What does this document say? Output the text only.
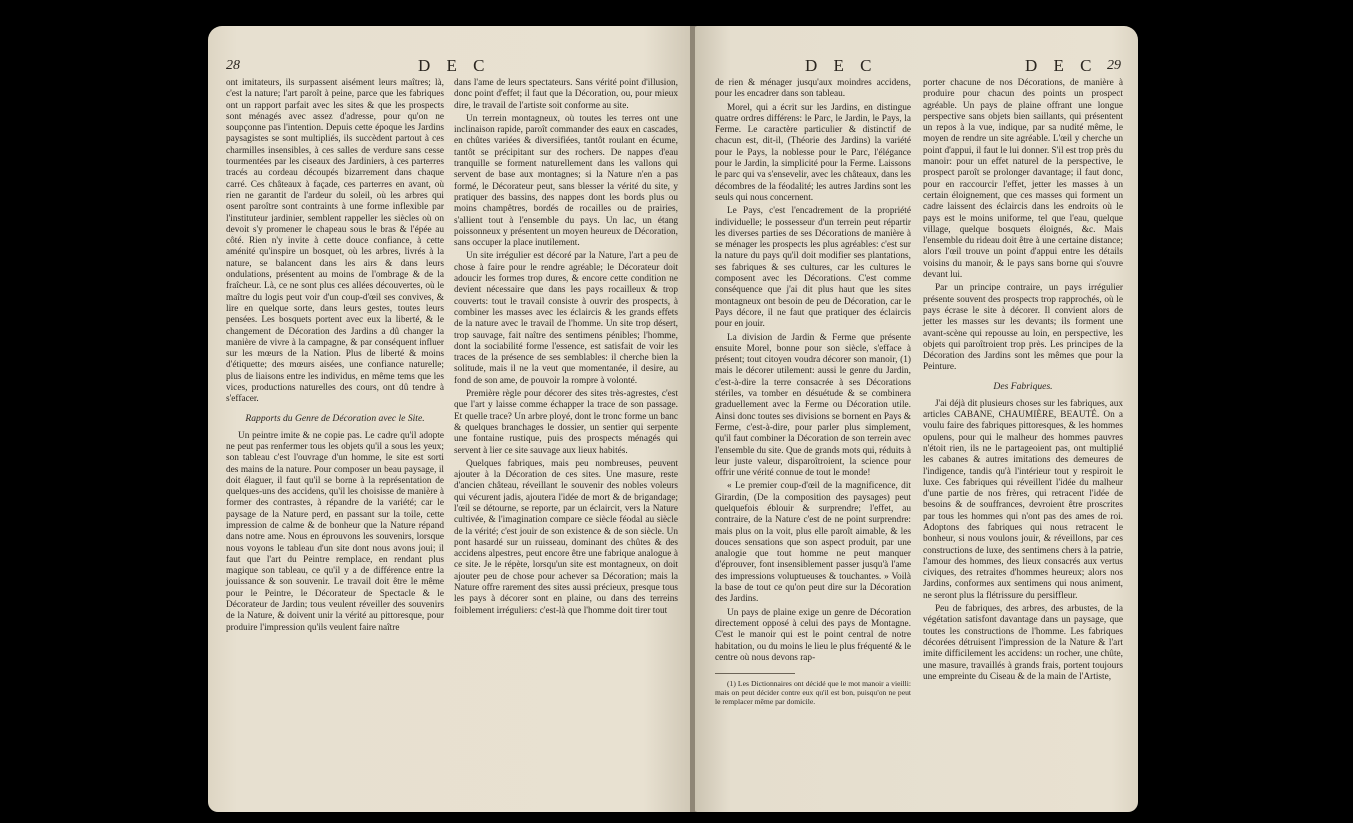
28	D E C

ont imitateurs, ils surpassent aisément leurs maîtres; là, c'est la nature; l'art paroît à peine, parce que les fabriques ont un rapport parfait avec les sites & que les prospects sont ménagés avec assez d'adresse, pour qu'on ne soupçonne pas l'intention. Depuis cette époque les Jardins paysagistes se sont multipliés, ils succèdent partout à ces charmilles insensibles, à ces salles de verdure sans cesse tourmentées par les ciseaux des Jardiniers, à ces parterres tracés au cordeau découpés bizarrement dans chaque carré. Ces châteaux à façade, ces parterres en avant, où rien ne garantit de l'ardeur du soleil, où les arbres qui osent paroître sont contraints à une forme inflexible par l'instituteur jardinier, semblent rappeller les siècles où on devoit s'y promener le chapeau sous le bras & l'épée au côté. Rien n'y invite à cette douce confiance, à cette aménité qu'inspire un bosquet, où les arbres, livrés à la nature, se balancent dans les airs & dans leurs ondulations, présentent au moins de l'ombrage & de la fraîcheur. Là, ce ne sont plus ces allées découvertes, où le maître du logis peut voir d'un coup-d'œil ses convives, & lire en quelque sorte, dans leurs gestes, toutes leurs pensées. Les bosquets portent avec eux la liberté, & le changement de Décoration des Jardins a dû changer la manière de vivre à la campagne, & par conséquent influer sur les mœurs de la Nation. Plus de liberté & moins d'étiquette; des mœurs aisées, une confiance naturelle; plus de liaisons entre les individus, en même tems que les vices, productions naturelles des cours, ont dû tendre à s'effacer.

Rapports du Genre de Décoration avec le Site.

Un peintre imite & ne copie pas. Le cadre qu'il adopte ne peut pas renfermer tous les objets qu'il a sous les yeux; son tableau c'est l'ouvrage d'un homme, le site est sorti des mains de la nature. Pour composer un beau paysage, il doit élaguer, il faut qu'il se borne à la représentation de quelques-uns des accidens, qu'il les choisisse de manière à former des contrastes, à répandre de la variété; car le paysage de la Nature perd, en passant sur la toile, cette impression de calme & de bonheur que la Nature répand dans notre ame. Nous en éprouvons les souvenirs, lorsque nous voyons le tableau d'un site dont nous avons joui; il faut que l'art du Peintre remplace, en rendant plus magique son tableau, ce qu'il y a de différence entre la jouissance & son souvenir. Le travail doit être le même pour le Peintre, le Décorateur de Spectacle & le Décorateur de Jardin; tous veulent réveiller des souvenirs de la Nature, & doivent unir la vérité au pittoresque, pour produire l'impression qu'ils veulent faire naître

dans l'ame de leurs spectateurs. Sans vérité point d'illusion, donc point d'effet; il faut que la Décoration, ou, pour mieux dire, le travail de l'artiste soit conforme au site.

Un terrein montagneux, où toutes les terres ont une inclinaison rapide, paroît commander des eaux en cascades, en chûtes variées & diversifiées, tantôt roulant en écume, tantôt se précipitant sur des rochers. De nappes d'eau tranquille se forment naturellement dans les vallons qui servent de base aux montagnes; si la Nature n'en a pas formé, le Décorateur peut, sans blesser la vérité du site, y pratiquer des bassins, des nappes dont les bords plus ou moins champêtres, bordés de rocailles ou de prairies, s'allient tout à l'ensemble du pays. Un lac, un étang poissonneux y présentent un moyen heureux de Décoration, sans occuper la place inutilement.

Un site irrégulier est décoré par la Nature, l'art a peu de chose à faire pour le rendre agréable; le Décorateur doit adoucir les formes trop dures, & encore cette condition ne devient nécessaire que dans les pays rocailleux & trop couverts: tout le travail consiste à ouvrir des prospects, à combiner les masses avec les éclaircis & les grands effets de la nature avec le travail de l'homme. Un site trop désert, trop sauvage, fait naître des sentimens pénibles; l'homme, dont la sociabilité forme l'essence, est satisfait de voir les traces de la présence de ses semblables: il cherche bien la solitude, mais il ne la veut que momentanée, il desire, au fond de son ame, de pouvoir la rompre à volonté.

Première règle pour décorer des sites très-agrestes, c'est que l'art y laisse comme échapper la trace de son passage. Et quelle trace? Un arbre ployé, dont le tronc forme un banc & quelques branchages le dossier, un sentier qui serpente une fontaine rustique, puis des prospects ménagés qui servent à lier ce site sauvage aux lieux habités.

Quelques fabriques, mais peu nombreuses, peuvent ajouter à la Décoration de ces sites. Une masure, reste d'ancien château, réveillant le souvenir des nobles voleurs qui vécurent jadis, ajoutera l'idée de mort & de brigandage; l'œil se détourne, se reporte, par un éclaircit, vers la Nature cultivée, & l'imagination compare ce siècle féodal au siècle de la vérité; c'est jouir de son existence & de son siècle. Un pont hasardé sur un ruisseau, dominant des chûtes & des accidens alpestres, peut encore être une fabrique analogue à ce site. Je le répète, lorsqu'un site est montagneux, on doit ajouter peu de chose pour achever sa Décoration; mais la Nature offre rarement des sites aussi précieux, presque tous les pays à décorer sont en plaine, ou dans des terreins foiblement irréguliers: c'est-là que l'homme doit tirer tout

D E C	D E C 29

de rien & ménager jusqu'aux moindres accidens, pour les encadrer dans son tableau.

Morel, qui a écrit sur les Jardins, en distingue quatre ordres différens: le Parc, le Jardin, le Pays, la Ferme. Le caractère particulier & distinctif de chacun est, dit-il, (Théorie des Jardins) la variété pour le Pays, la noblesse pour le Parc, l'élégance pour le Jardin, la simplicité pour la Ferme. Laissons le parc qui va s'ensevelir, avec les châteaux, dans les décombres de la féodalité; les autres Jardins sont les seuls qui nous concernent.

Le Pays, c'est l'encadrement de la propriété individuelle; le possesseur d'un terrein peut répartir les diverses parties de ses Décorations de manière à se ménager les prospects les plus agréables: c'est sur la nature du pays qu'il doit modifier ses plantations, ses fabriques & ses cultures, car les cultures le composent avec les Décorations. C'est comme conséquence que j'ai dit plus haut que les sites montagneux ont besoin de peu de Décoration, car le Pays décore, il ne faut que pratiquer des éclaircis pour en jouir.

La division de Jardin & Ferme que présente ensuite Morel, bonne pour son siècle, s'efface à présent; tout citoyen voudra décorer son manoir, (1) mais le décorer utilement: aussi le genre du Jardin, c'est-à-dire la terre consacrée à ses Décorations stériles, va tomber en désuétude & se combinera graduellement avec la Ferme ou Décoration utile. Ainsi donc toutes ses divisions se bornent en Pays & Ferme, c'est-à-dire, pour parler plus simplement, qu'il faut combiner la Décoration de son terrein avec l'ensemble du site. Que de grands mots qui, réduits à leur juste valeur, disparoîtroient, la science pour offrir une vérité connue de tout le monde!

« Le premier coup-d'œil de la magnificence, dit Girardin, (De la composition des paysages) peut quelquefois éblouir & surprendre; l'effet, au contraire, de la Nature c'est de ne point surprendre: mais plus on la voit, plus elle paroît aimable, & les douces sensations que son aspect produit, par une analogie que tout homme ne peut manquer d'éprouver, font insensiblement passer jusqu'à l'ame des impressions voluptueuses & touchantes. » Voilà la base de tout ce qu'on peut dire sur la Décoration des Jardins.

Un pays de plaine exige un genre de Décoration directement opposé à celui des pays de Montagne. C'est le manoir qui est le point central de notre habitation, ou du moins le lieu le plus fréquenté & le centre où nous devons rap-

(1) Les Dictionnaires ont décidé que le mot manoir a vieilli: mais on peut décider contre eux qu'il est bon, puisqu'on ne peut le remplacer même par domicile.

porter chacune de nos Décorations, de manière à produire pour chacun des points un prospect agréable. Un pays de plaine offrant une longue perspective sans objets bien saillants, qui présentent un repos à la vue, indique, par sa nudité même, le moyen de rendre un site agréable. L'œil y cherche un point d'appui, il faut le lui donner. S'il est trop près du manoir: pour un effet naturel de la perspective, le prospect paroît se prolonger davantage; il faut donc, pour en raccourcir l'effet, jetter les masses à un certain éloignement, que ces masses qui forment un cadre laissent des éclaircis dans les endroits où le pays est le moins uniforme, tel que l'eau, quelque village, quelque bosquets éloignés, &c. Mais l'ensemble du rideau doit être à une certaine distance; alors l'œil trouve un point d'appui entre les détails voisins du manoir, & le pays sans borne qui s'ouvre devant lui.

Par un principe contraire, un pays irrégulier présente souvent des prospects trop rapprochés, où le pays écrase le site à décorer. Il convient alors de jetter les masses sur les devants; ils forment une avant-scène qui repousse au loin, en perspective, les objets qui paroîtroient trop près. Les principes de la Décoration des Jardins sont les mêmes que pour la Peinture.

Des Fabriques.

J'ai déjà dit plusieurs choses sur les fabriques, aux articles CABANE, CHAUMIÈRE, BEAUTÉ. On a voulu faire des fabriques pittoresques, & les hommes opulens, pour qui le malheur des hommes pauvres n'étoit rien, ils ne le partageoient pas, ont multiplié les cabanes & autres imitations des demeures de l'indigence, tandis qu'à l'intérieur tout y respiroit le luxe. Ces fabriques qui réveillent l'idée du malheur d'une partie de nos frères, qui retracent l'idée de besoins & de souffrances, devroient être proscrites par tous les hommes qui n'ont pas des ames de roi. Adoptons des fabriques qui nous retracent le bonheur, si nous voulons jouir, & réveillons, par ces constructions de luxe, des sentimens chers à la patrie, l'amour des hommes, des lieux consacrés aux vertus civiques, des retraites d'hommes heureux; alors nos Jardins, conformes aux sentimens qui nous animent, ne seront plus la flétrissure du persiffleur.

Peu de fabriques, des arbres, des arbustes, de la végétation satisfont davantage dans un paysage, que toutes les constructions de l'homme. Les fabriques décorées détruisent l'impression de la Nature & l'art imite difficilement les accidens: un rocher, une chûte, une masure, travaillés à grands frais, portent toujours une empreinte du Ciseau & de la main de l'Artiste,
